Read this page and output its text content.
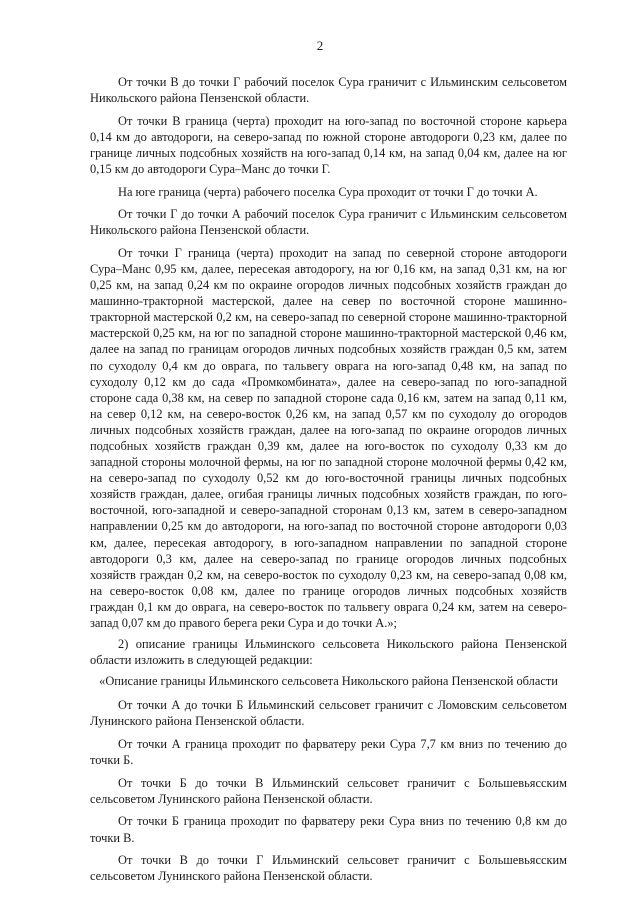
2

От точки В до точки Г рабочий поселок Сура граничит с Ильминским сельсоветом Никольского района Пензенской области.

От точки В граница (черта) проходит на юго-запад по восточной стороне карьера 0,14 км до автодороги, на северо-запад по южной стороне автодороги 0,23 км, далее по границе личных подсобных хозяйств на юго-запад 0,14 км, на запад 0,04 км, далее на юг 0,15 км до автодороги Сура–Манс до точки Г.

На юге граница (черта) рабочего поселка Сура проходит от точки Г до точки А.

От точки Г до точки А рабочий поселок Сура граничит с Ильминским сельсоветом Никольского района Пензенской области.

От точки Г граница (черта) проходит на запад по северной стороне автодороги Сура–Манс 0,95 км, далее, пересекая автодорогу, на юг 0,16 км, на запад 0,31 км, на юг 0,25 км, на запад 0,24 км по окраине огородов личных подсобных хозяйств граждан до машинно-тракторной мастерской, далее на север по восточной стороне машинно-тракторной мастерской 0,2 км, на северо-запад по северной стороне машинно-тракторной мастерской 0,25 км, на юг по западной стороне машинно-тракторной мастерской 0,46 км, далее на запад по границам огородов личных подсобных хозяйств граждан 0,5 км, затем по суходолу 0,4 км до оврага, по тальвегу оврага на юго-запад 0,48 км, на запад по суходолу 0,12 км до сада «Промкомбината», далее на северо-запад по юго-западной стороне сада 0,38 км, на север по западной стороне сада 0,16 км, затем на запад 0,11 км, на север 0,12 км, на северо-восток 0,26 км, на запад 0,57 км по суходолу до огородов личных подсобных хозяйств граждан, далее на юго-запад по окраине огородов личных подсобных хозяйств граждан 0,39 км, далее на юго-восток по суходолу 0,33 км до западной стороны молочной фермы, на юг по западной стороне молочной фермы 0,42 км, на северо-запад по суходолу 0,52 км до юго-восточной границы личных подсобных хозяйств граждан, далее, огибая границы личных подсобных хозяйств граждан, по юго-восточной, юго-западной и северо-западной сторонам 0,13 км, затем в северо-западном направлении 0,25 км до автодороги, на юго-запад по восточной стороне автодороги 0,03 км, далее, пересекая автодорогу, в юго-западном направлении по западной стороне автодороги 0,3 км, далее на северо-запад по границе огородов личных подсобных хозяйств граждан 0,2 км, на северо-восток по суходолу 0,23 км, на северо-запад 0,08 км, на северо-восток 0,08 км, далее по границе огородов личных подсобных хозяйств граждан 0,1 км до оврага, на северо-восток по тальвегу оврага 0,24 км, затем на северо-запад 0,07 км до правого берега реки Сура и до точки А.»;

2) описание границы Ильминского сельсовета Никольского района Пензенской области изложить в следующей редакции:

«Описание границы Ильминского сельсовета Никольского района Пензенской области

От точки А до точки Б Ильминский сельсовет граничит с Ломовским сельсоветом Лунинского района Пензенской области.

От точки А граница проходит по фарватеру реки Сура 7,7 км вниз по течению до точки Б.

От точки Б до точки В Ильминский сельсовет граничит с Большевьясским сельсоветом Лунинского района Пензенской области.

От точки Б граница проходит по фарватеру реки Сура вниз по течению 0,8 км до точки В.

От точки В до точки Г Ильминский сельсовет граничит с Большевьясским сельсоветом Лунинского района Пензенской области.
